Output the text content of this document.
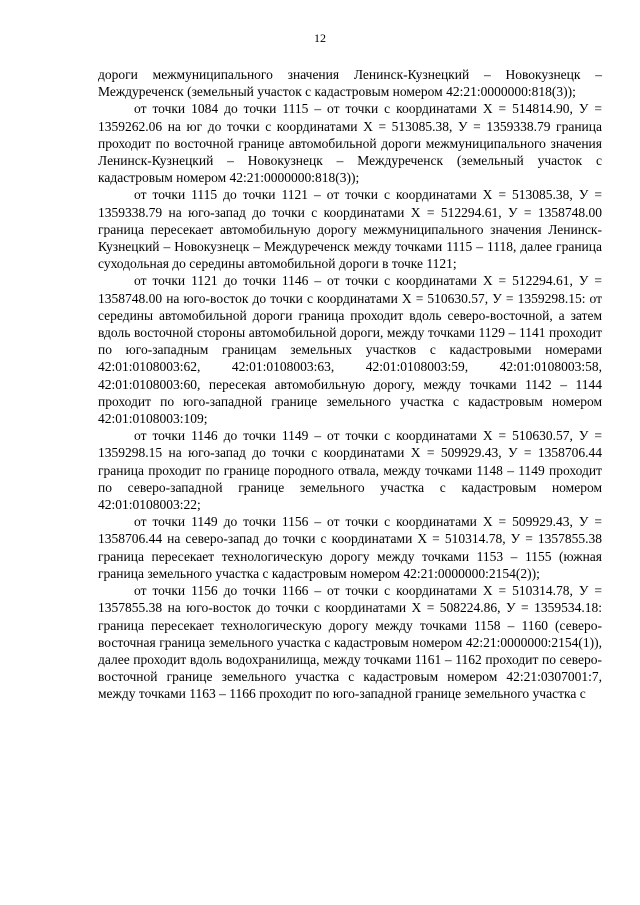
12

дороги межмуниципального значения Ленинск-Кузнецкий – Новокузнецк – Междуреченск (земельный участок с кадастровым номером 42:21:0000000:818(3));

от точки 1084 до точки 1115 – от точки с координатами Х = 514814.90, У = 1359262.06 на юг до точки с координатами Х = 513085.38, У = 1359338.79 граница проходит по восточной границе автомобильной дороги межмуниципального значения Ленинск-Кузнецкий – Новокузнецк – Междуреченск (земельный участок с кадастровым номером 42:21:0000000:818(3));

от точки 1115 до точки 1121 – от точки с координатами Х = 513085.38, У = 1359338.79 на юго-запад до точки с координатами Х = 512294.61, У = 1358748.00 граница пересекает автомобильную дорогу межмуниципального значения Ленинск-Кузнецкий – Новокузнецк – Междуреченск между точками 1115 – 1118, далее граница суходольная до середины автомобильной дороги в точке 1121;

от точки 1121 до точки 1146 – от точки с координатами Х = 512294.61, У = 1358748.00 на юго-восток до точки с координатами Х = 510630.57, У = 1359298.15: от середины автомобильной дороги граница проходит вдоль северо-восточной, а затем вдоль восточной стороны автомобильной дороги, между точками 1129 – 1141 проходит по юго-западным границам земельных участков с кадастровыми номерами 42:01:0108003:62, 42:01:0108003:63, 42:01:0108003:59, 42:01:0108003:58, 42:01:0108003:60, пересекая автомобильную дорогу, между точками 1142 – 1144 проходит по юго-западной границе земельного участка с кадастровым номером 42:01:0108003:109;

от точки 1146 до точки 1149 – от точки с координатами Х = 510630.57, У = 1359298.15 на юго-запад до точки с координатами Х = 509929.43, У = 1358706.44 граница проходит по границе породного отвала, между точками 1148 – 1149 проходит по северо-западной границе земельного участка с кадастровым номером 42:01:0108003:22;

от точки 1149 до точки 1156 – от точки с координатами Х = 509929.43, У = 1358706.44 на северо-запад до точки с координатами Х = 510314.78, У = 1357855.38 граница пересекает технологическую дорогу между точками 1153 – 1155 (южная граница земельного участка с кадастровым номером 42:21:0000000:2154(2));

от точки 1156 до точки 1166 – от точки с координатами Х = 510314.78, У = 1357855.38 на юго-восток до точки с координатами Х = 508224.86, У = 1359534.18: граница пересекает технологическую дорогу между точками 1158 – 1160 (северо-восточная граница земельного участка с кадастровым номером 42:21:0000000:2154(1)), далее проходит вдоль водохранилища, между точками 1161 – 1162 проходит по северо-восточной границе земельного участка с кадастровым номером 42:21:0307001:7, между точками 1163 – 1166 проходит по юго-западной границе земельного участка с
